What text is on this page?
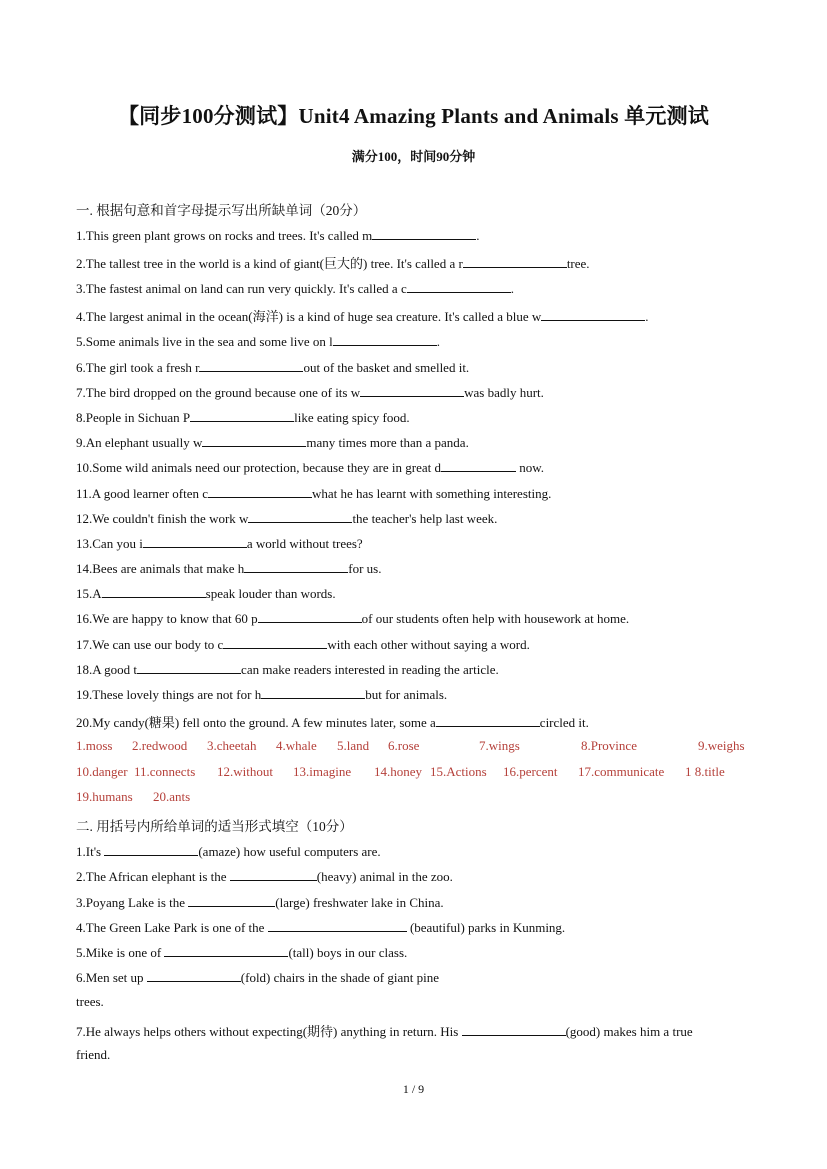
【同步100分测试】Unit4 Amazing Plants and Animals 单元测试
满分100，时间90分钟
一. 根据句意和首字母提示写出所缺单词（20分）
1.This green plant grows on rocks and trees. It's called m	.
2.The tallest tree in the world is a kind of giant(巨大的) tree. It's called a r	tree.
3.The fastest animal on land can run very quickly. It's called a c	.
4.The largest animal in the ocean(海洋) is a kind of huge sea creature. It's called a blue w	.
5.Some animals live in the sea and some live on l	.
6.The girl took a fresh r	out of the basket and smelled it.
7.The bird dropped on the ground because one of its w	was badly hurt.
8.People in Sichuan P	like eating spicy food.
9.An elephant usually w	many times more than a panda.
10.Some wild animals need our protection, because they are in great d	now.
11.A good learner often c	what he has learnt with something interesting.
12.We couldn't finish the work w	the teacher's help last week.
13.Can you i	a world without trees?
14.Bees are animals that make h	for us.
15.A	speak louder than words.
16.We are happy to know that 60 p	of our students often help with housework at home.
17.We can use our body to c	with each other without saying a word.
18.A good t	can make readers interested in reading the article.
19.These lovely things are not for h	but for animals.
20.My candy(糖果) fell onto the ground. A few minutes later, some a	circled it.
1.moss 2.redwood 3.cheetah 4.whale 5.land 6.rose	7.wings	8.Province	9.weighs
10.danger 11.connects 12.without 13.imagine 14.honey 15.Actions 16.percent 17.communicate 1 8.title
19.humans 20.ants
二. 用括号内所给单词的适当形式填空（10分）
1.It's	(amaze) how useful computers are.
2.The African elephant is the	(heavy) animal in the zoo.
3.Poyang Lake is the	(large) freshwater lake in China.
4.The Green Lake Park is one of the	(beautiful) parks in Kunming.
5.Mike is one of	(tall) boys in our class.
6.Men set up	(fold) chairs in the shade of giant pine
7.He always helps others without expecting(期待) anything in return. His	(good) makes him a true
trees.
friend.
1 / 9
